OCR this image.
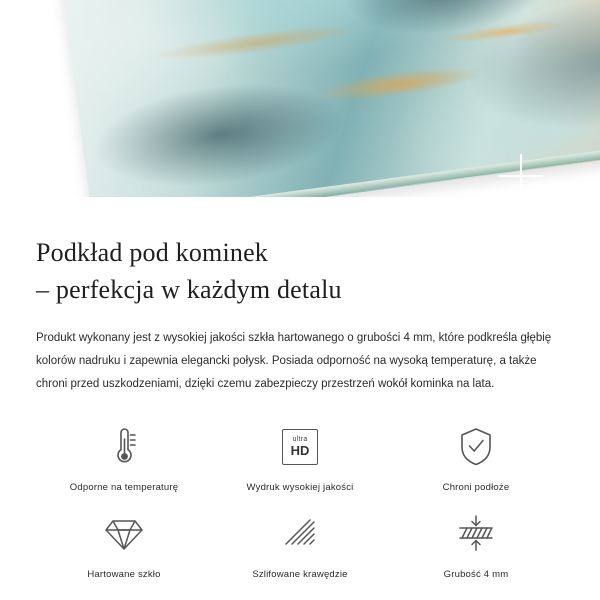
Podkład pod kominek
– perfekcja w każdym detalu

Produkt wykonany jest z wysokiej jakości szkła hartowanego o grubości 4 mm, które podkreśla głębię kolorów nadruku i zapewnia elegancki połysk. Posiada odporność na wysoką temperaturę, a także chroni przed uszkodzeniami, dzięki czemu zabezpieczy przestrzeń wokół kominka na lata.

Odporne na temperaturę
ultra
HD
Wydruk wysokiej jakości	Chroni podłoże
Hartowane szkło	Szlifowane krawędzie	Grubość 4 mm
